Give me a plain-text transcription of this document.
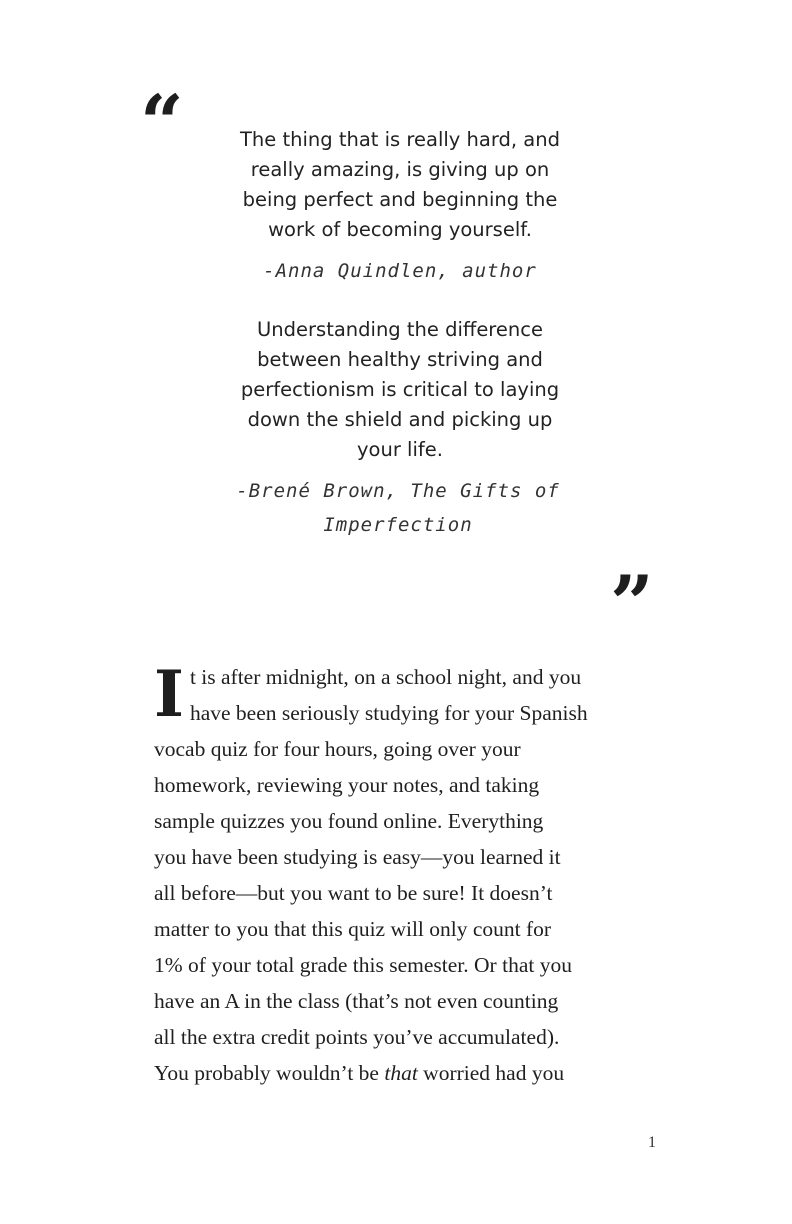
“	The thing that is really hard, and
really amazing, is giving up on
being perfect and beginning the
work of becoming yourself.
-Anna Quindlen, author
Understanding the difference
between healthy striving and
perfectionism is critical to laying
down the shield and picking up
your life.
-Brené Brown, The Gifts of
Imperfection
”
I t is after midnight, on a school night, and you
have been seriously studying for your Spanish
vocab quiz for four hours, going over your
homework, reviewing your notes, and taking
sample quizzes you found online. Everything
you have been studying is easy—you learned it
all before—but you want to be sure! It doesn’t
matter to you that this quiz will only count for
1% of your total grade this semester. Or that you
have an A in the class (that’s not even counting
all the extra credit points you’ve accumulated).
You probably wouldn’t be that worried had you
1
